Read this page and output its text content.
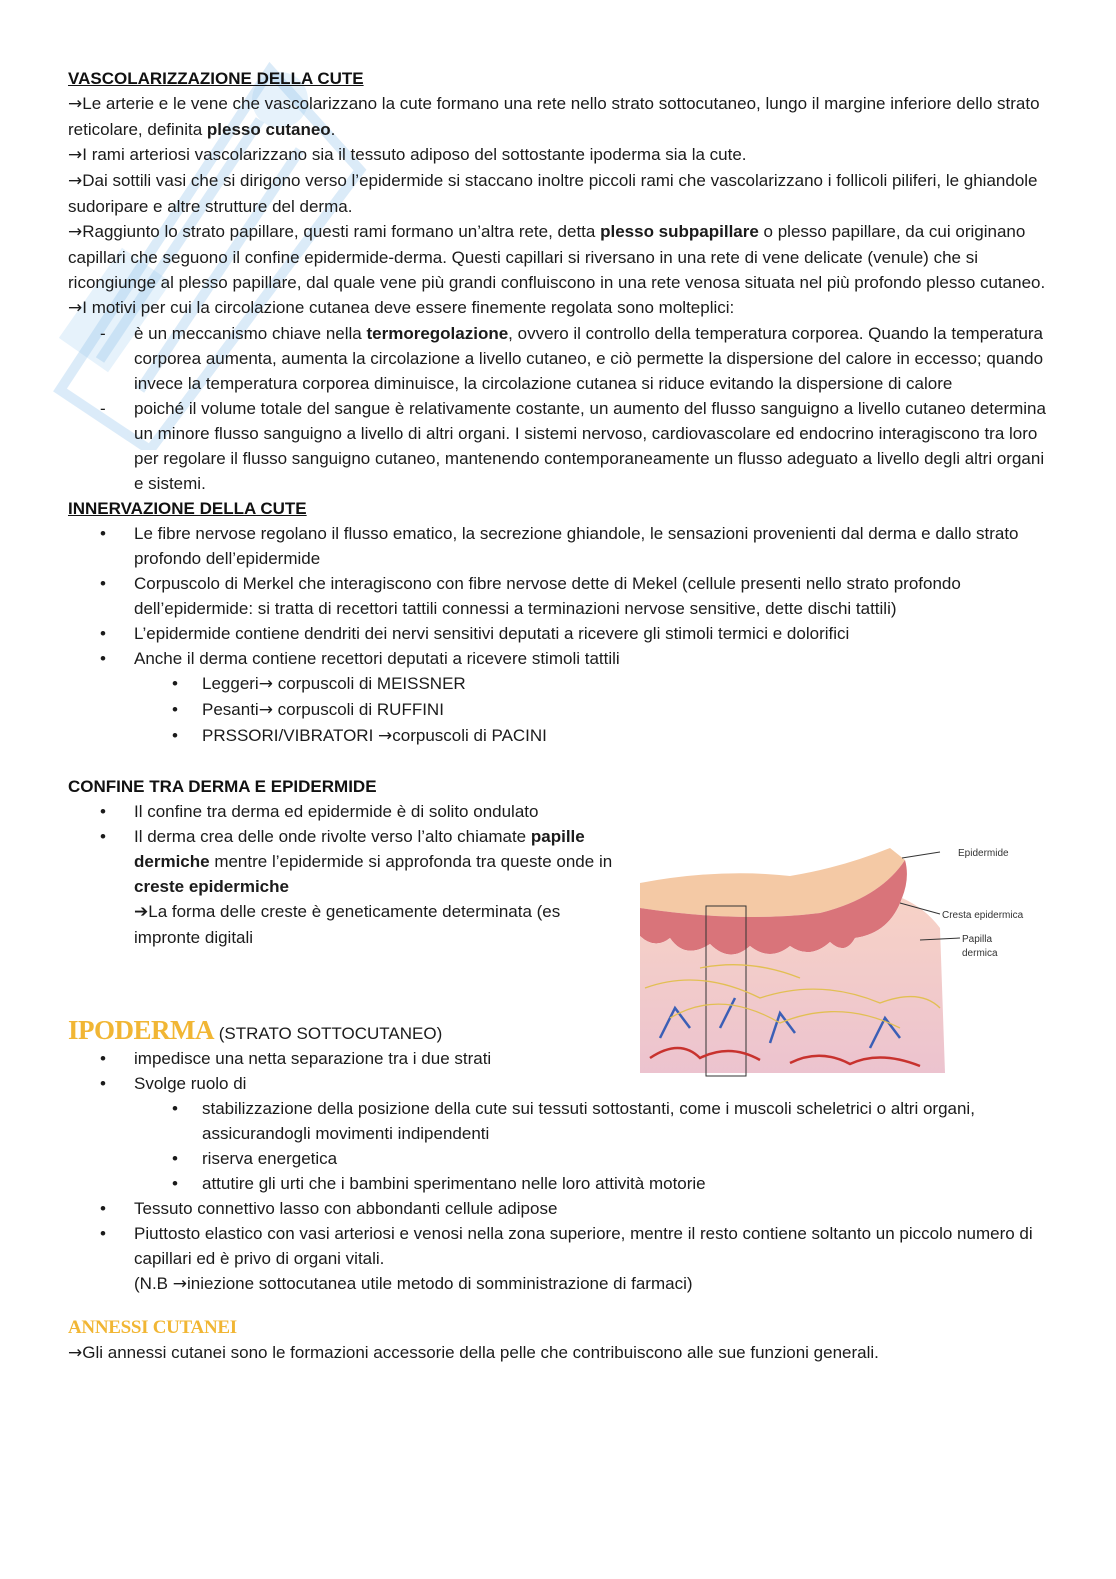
VASCOLARIZZAZIONE DELLA CUTE

→Le arterie e le vene che vascolarizzano la cute formano una rete nello strato sottocutaneo, lungo il margine inferiore dello strato reticolare, definita plesso cutaneo.

→I rami arteriosi vascolarizzano sia il tessuto adiposo del sottostante ipoderma sia la cute.

→Dai sottili vasi che si dirigono verso l’epidermide si staccano inoltre piccoli rami che vascolarizzano i follicoli piliferi, le ghiandole sudoripare e altre strutture del derma.

→Raggiunto lo strato papillare, questi rami formano un’altra rete, detta plesso subpapillare o plesso papillare, da cui originano capillari che seguono il confine epidermide-derma. Questi capillari si riversano in una rete di vene delicate (venule) che si ricongiunge al plesso papillare, dal quale vene più grandi confluiscono in una rete venosa situata nel più profondo plesso cutaneo.

→I motivi per cui la circolazione cutanea deve essere finemente regolata sono molteplici:

- è un meccanismo chiave nella termoregolazione, ovvero il controllo della temperatura corporea. Quando la temperatura corporea aumenta, aumenta la circolazione a livello cutaneo, e ciò permette la dispersione del calore in eccesso; quando invece la temperatura corporea diminuisce, la circolazione cutanea si riduce evitando la dispersione di calore
- poiché il volume totale del sangue è relativamente costante, un aumento del flusso sanguigno a livello cutaneo determina un minore flusso sanguigno a livello di altri organi. I sistemi nervoso, cardiovascolare ed endocrino interagiscono tra loro per regolare il flusso sanguigno cutaneo, mantenendo contemporaneamente un flusso adeguato a livello degli altri organi e sistemi.
INNERVAZIONE DELLA CUTE
• Le fibre nervose regolano il flusso ematico, la secrezione ghiandole, le sensazioni provenienti dal derma e dallo strato profondo dell’epidermide
• Corpuscolo di Merkel che interagiscono con fibre nervose dette di Mekel (cellule presenti nello strato profondo dell’epidermide: si tratta di recettori tattili connessi a terminazioni nervose sensitive, dette dischi tattili)
• L’epidermide contiene dendriti dei nervi sensitivi deputati a ricevere gli stimoli termici e dolorifici
• Anche il derma contiene recettori deputati a ricevere stimoli tattili
• Leggeri→ corpuscoli di MEISSNER
• Pesanti→ corpuscoli di RUFFINI
• PRSSORI/VIBRATORI →corpuscoli di PACINI
CONFINE TRA DERMA E EPIDERMIDE
• Il confine tra derma ed epidermide è di solito ondulato
• Il derma crea delle onde rivolte verso l’alto chiamate papille dermiche mentre l’epidermide si approfonda tra queste onde in creste epidermiche
➔La forma delle creste è geneticamente determinata (es impronte digitali

IPODERMA (STRATO SOTTOCUTANEO)

• impedisce una netta separazione tra i due strati
• Svolge ruolo di
• stabilizzazione della posizione della cute sui tessuti sottostanti, come i muscoli scheletrici o altri organi, assicurandogli movimenti indipendenti
• riserva energetica
• attutire gli urti che i bambini sperimentano nelle loro attività motorie
• Tessuto connettivo lasso con abbondanti cellule adipose
• Piuttosto elastico con vasi arteriosi e venosi nella zona superiore, mentre il resto contiene soltanto un piccolo numero di capillari ed è privo di organi vitali.
(N.B →iniezione sottocutanea utile metodo di somministrazione di farmaci)

ANNESSI CUTANEI

→Gli annessi cutanei sono le formazioni accessorie della pelle che contribuiscono alle sue funzioni generali.

Epidermide
Cresta epidermica
Papilla
dermica
